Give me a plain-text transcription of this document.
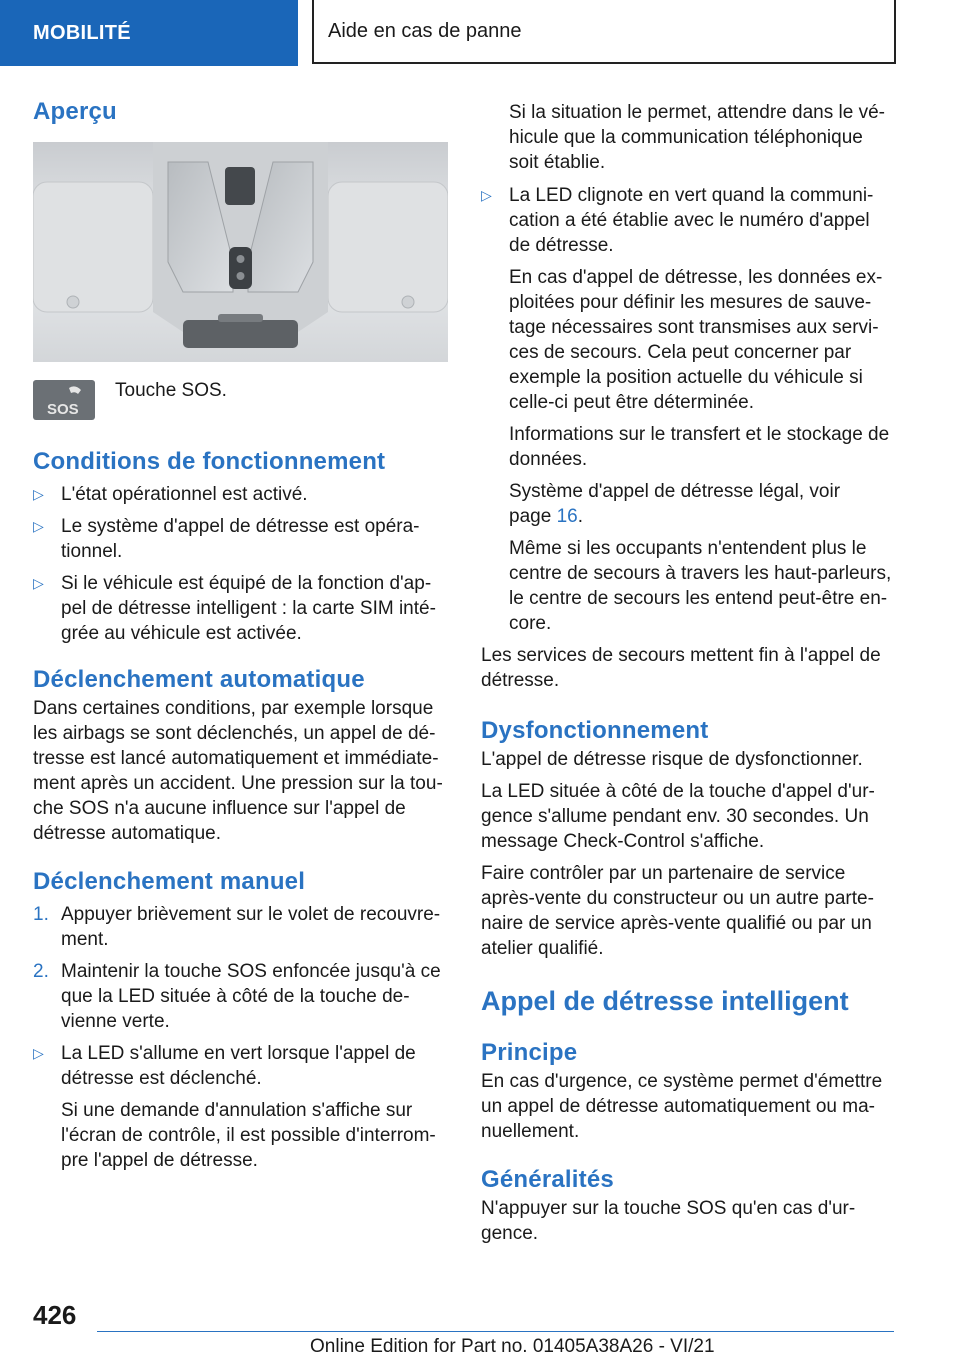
MOBILITÉ	Aide en cas de panne
Aperçu
SOS
Touche SOS.
Conditions de fonctionnement
▷ L'état opérationnel est activé.
▷ Le système d'appel de détresse est opéra-tionnel.
▷ Si le véhicule est équipé de la fonction d'ap-pel de détresse intelligent : la carte SIM inté-grée au véhicule est activée.
Déclenchement automatique

Dans certaines conditions, par exemple lorsque les airbags se sont déclenchés, un appel de dé-tresse est lancé automatiquement et immédiate-ment après un accident. Une pression sur la tou-che SOS n'a aucune influence sur l'appel de détresse automatique.

Déclenchement manuel
1. Appuyer brièvement sur le volet de recouvre-ment.
2. Maintenir la touche SOS enfoncée jusqu'à ce que la LED située à côté de la touche de-vienne verte.
▷ La LED s'allume en vert lorsque l'appel de détresse est déclenché.
Si une demande d'annulation s'affiche sur l'écran de contrôle, il est possible d'interrom-pre l'appel de détresse.
Si la situation le permet, attendre dans le vé-hicule que la communication téléphonique soit établie.
▷ La LED clignote en vert quand la communi-cation a été établie avec le numéro d'appel de détresse.
En cas d'appel de détresse, les données ex-ploitées pour définir les mesures de sauve-tage nécessaires sont transmises aux servi-ces de secours. Cela peut concerner par exemple la position actuelle du véhicule si celle-ci peut être déterminée.
Informations sur le transfert et le stockage de données.
Système d'appel de détresse légal, voir
page 16.
Même si les occupants n'entendent plus le centre de secours à travers les haut-parleurs, le centre de secours les entend peut-être en-core.

Les services de secours mettent fin à l'appel de détresse.

Dysfonctionnement

L'appel de détresse risque de dysfonctionner.

La LED située à côté de la touche d'appel d'ur-gence s'allume pendant env. 30 secondes. Un message Check-Control s'affiche.

Faire contrôler par un partenaire de service après-vente du constructeur ou un autre parte-naire de service après-vente qualifié ou par un atelier qualifié.

Appel de détresse intelligent
Principe

En cas d'urgence, ce système permet d'émettre un appel de détresse automatiquement ou ma-nuellement.

Généralités

N'appuyer sur la touche SOS qu'en cas d'ur-gence.

426
Online Edition for Part no. 01405A38A26 - VI/21
